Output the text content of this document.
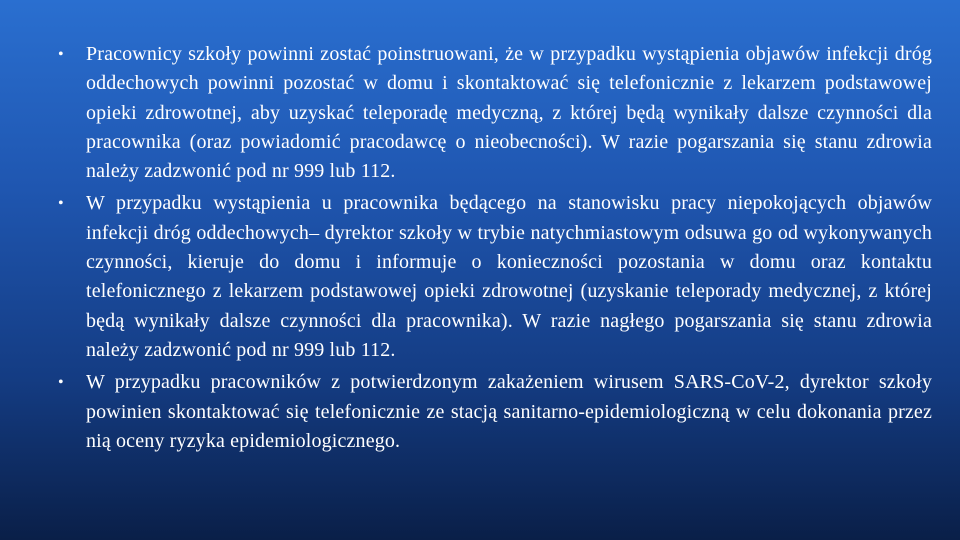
• Pracownicy szkoły powinni zostać poinstruowani, że w przypadku wystąpienia objawów infekcji dróg oddechowych powinni pozostać w domu i skontaktować się telefonicznie z lekarzem podstawowej opieki zdrowotnej, aby uzyskać teleporadę medyczną, z której będą wynikały dalsze czynności dla pracownika (oraz powiadomić pracodawcę o nieobecności). W razie pogarszania się stanu zdrowia należy zadzwonić pod nr 999 lub 112.
• W przypadku wystąpienia u pracownika będącego na stanowisku pracy niepokojących objawów infekcji dróg oddechowych– dyrektor szkoły w trybie natychmiastowym odsuwa go od wykonywanych czynności, kieruje do domu i informuje o konieczności pozostania w domu oraz kontaktu telefonicznego z lekarzem podstawowej opieki zdrowotnej (uzyskanie teleporady medycznej, z której będą wynikały dalsze czynności dla pracownika). W razie nagłego pogarszania się stanu zdrowia należy zadzwonić pod nr 999 lub 112.
• W przypadku pracowników z potwierdzonym zakażeniem wirusem SARS-CoV-2, dyrektor szkoły powinien skontaktować się telefonicznie ze stacją sanitarno-epidemiologiczną w celu dokonania przez nią oceny ryzyka epidemiologicznego.
